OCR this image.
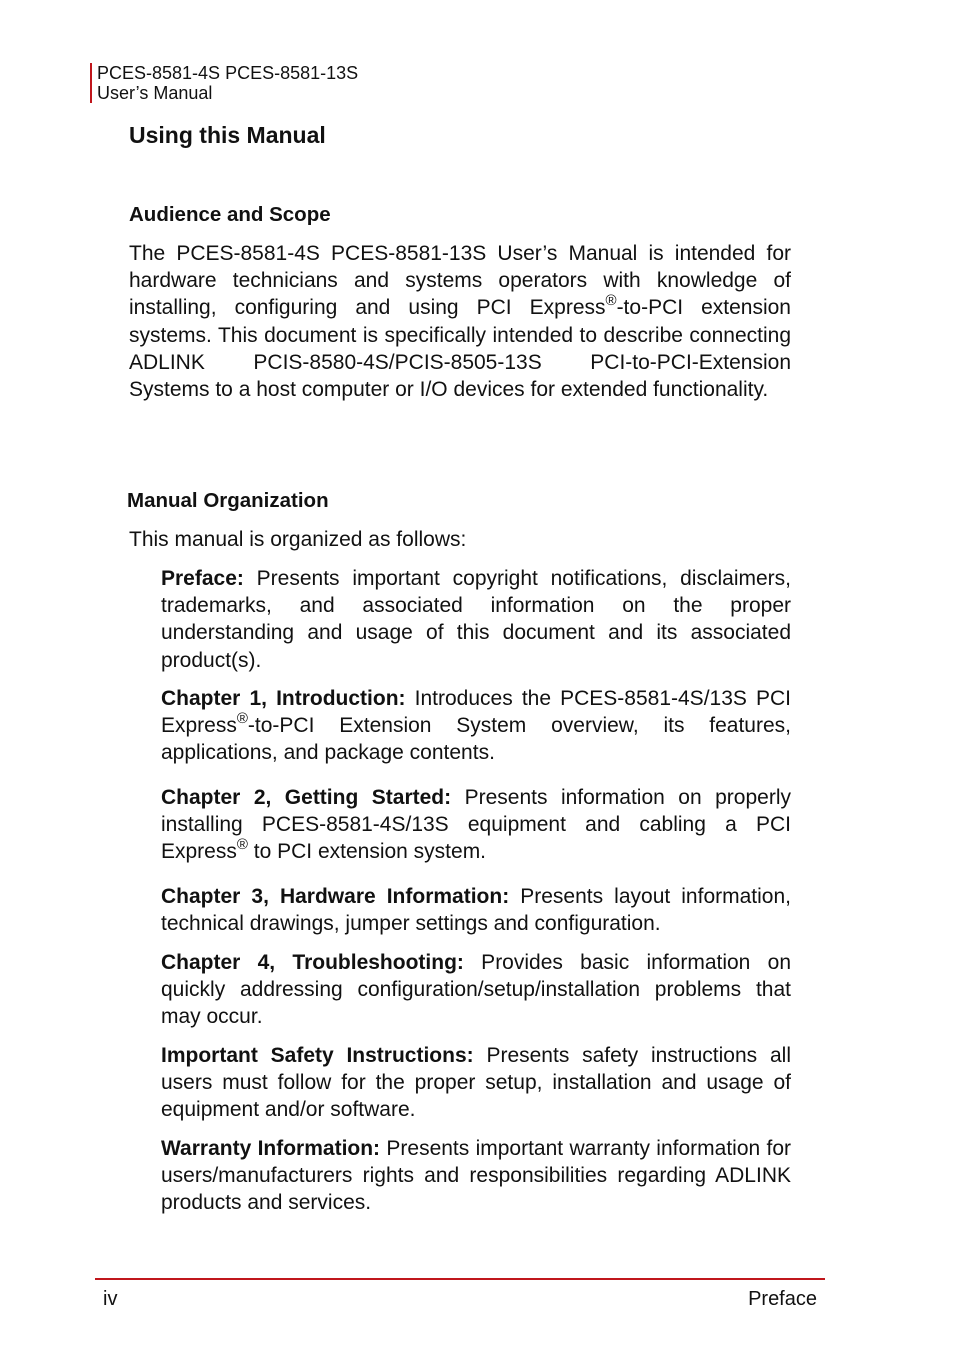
PCES-8581-4S PCES-8581-13S
User’s Manual
Using this Manual
Audience and Scope

The PCES-8581-4S PCES-8581-13S User’s Manual is intended for hardware technicians and systems operators with knowledge of installing, configuring and using PCI Express®-to-PCI extension systems. This document is specifically intended to describe connecting ADLINK PCIS-8580-4S/PCIS-8505-13S PCI-to-PCI-Extension Systems to a host computer or I/O devices for extended functionality.

Manual Organization

This manual is organized as follows:

Preface: Presents important copyright notifications, disclaimers, trademarks, and associated information on the proper understanding and usage of this document and its associated product(s).

Chapter 1, Introduction: Introduces the PCES-8581-4S/13S PCI Express®-to-PCI Extension System overview, its features, applications, and package contents.

Chapter 2, Getting Started: Presents information on properly installing PCES-8581-4S/13S equipment and cabling a PCI Express® to PCI extension system.

Chapter 3, Hardware Information: Presents layout information, technical drawings, jumper settings and configuration.

Chapter 4, Troubleshooting: Provides basic information on quickly addressing configuration/setup/installation problems that may occur.

Important Safety Instructions: Presents safety instructions all users must follow for the proper setup, installation and usage of equipment and/or software.

Warranty Information: Presents important warranty information for users/manufacturers rights and responsibilities regarding ADLINK products and services.

iv	Preface
